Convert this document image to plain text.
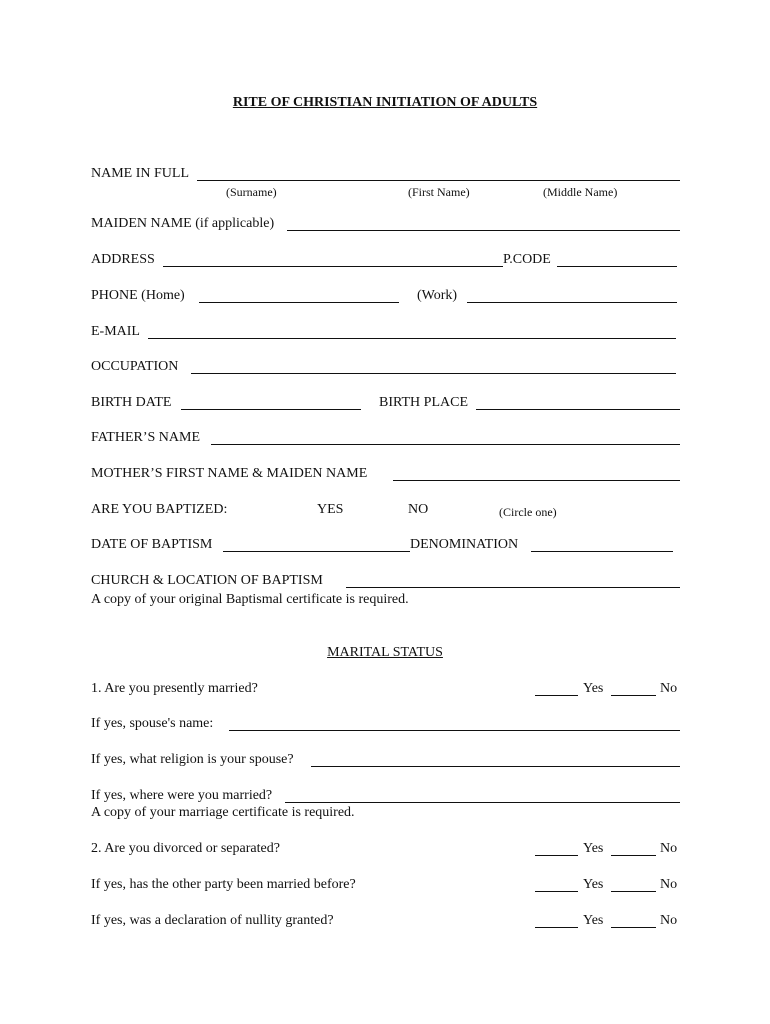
RITE OF CHRISTIAN INITIATION OF ADULTS
NAME IN FULL
(Surname)	(First Name)	(Middle Name)
MAIDEN NAME (if applicable)
ADDRESS	P.CODE
PHONE (Home)	(Work)
E-MAIL
OCCUPATION
BIRTH DATE	BIRTH PLACE
FATHER’S NAME
MOTHER’S FIRST NAME & MAIDEN NAME
ARE YOU BAPTIZED:	YES	NO	(Circle one)
DATE OF BAPTISM	DENOMINATION
CHURCH & LOCATION OF BAPTISM
A copy of your original Baptismal certificate is required.
MARITAL STATUS
1. Are you presently married?	Yes	No
If yes, spouse's name:
If yes, what religion is your spouse?
If yes, where were you married?
A copy of your marriage certificate is required.
2. Are you divorced or separated?	Yes	No
If yes, has the other party been married before?	Yes	No
If yes, was a declaration of nullity granted?	Yes	No
